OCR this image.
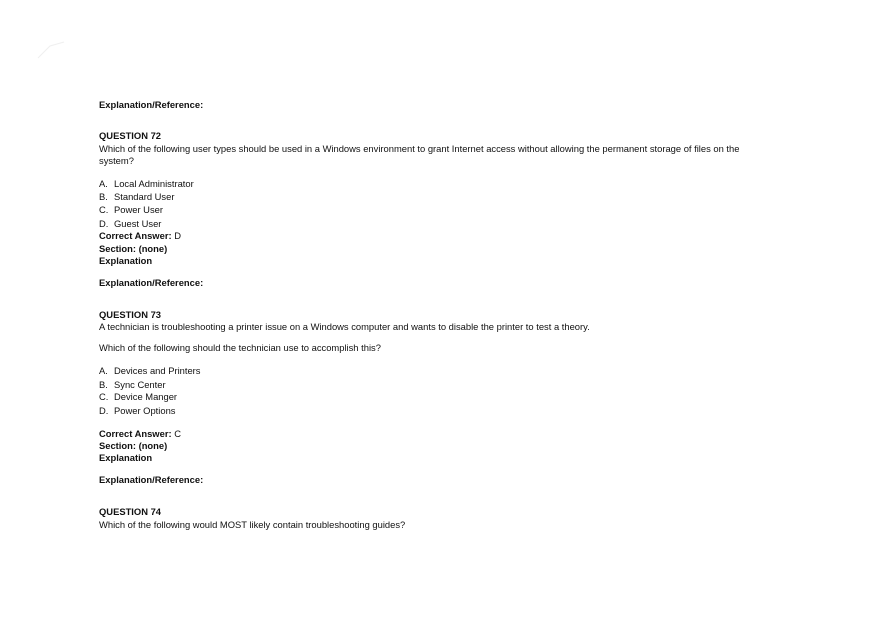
Explanation/Reference:

QUESTION 72

Which of the following user types should be used in a Windows environment to grant Internet access without allowing the permanent storage of files on the system?

A. Local Administrator

B. Standard User

C. Power User

D. Guest User

Correct Answer: D

Section: (none)

Explanation

Explanation/Reference:

QUESTION 73

A technician is troubleshooting a printer issue on a Windows computer and wants to disable the printer to test a theory.

Which of the following should the technician use to accomplish this?

A. Devices and Printers

B. Sync Center

C. Device Manger

D. Power Options

Correct Answer: C

Section: (none)

Explanation

Explanation/Reference:

QUESTION 74

Which of the following would MOST likely contain troubleshooting guides?
